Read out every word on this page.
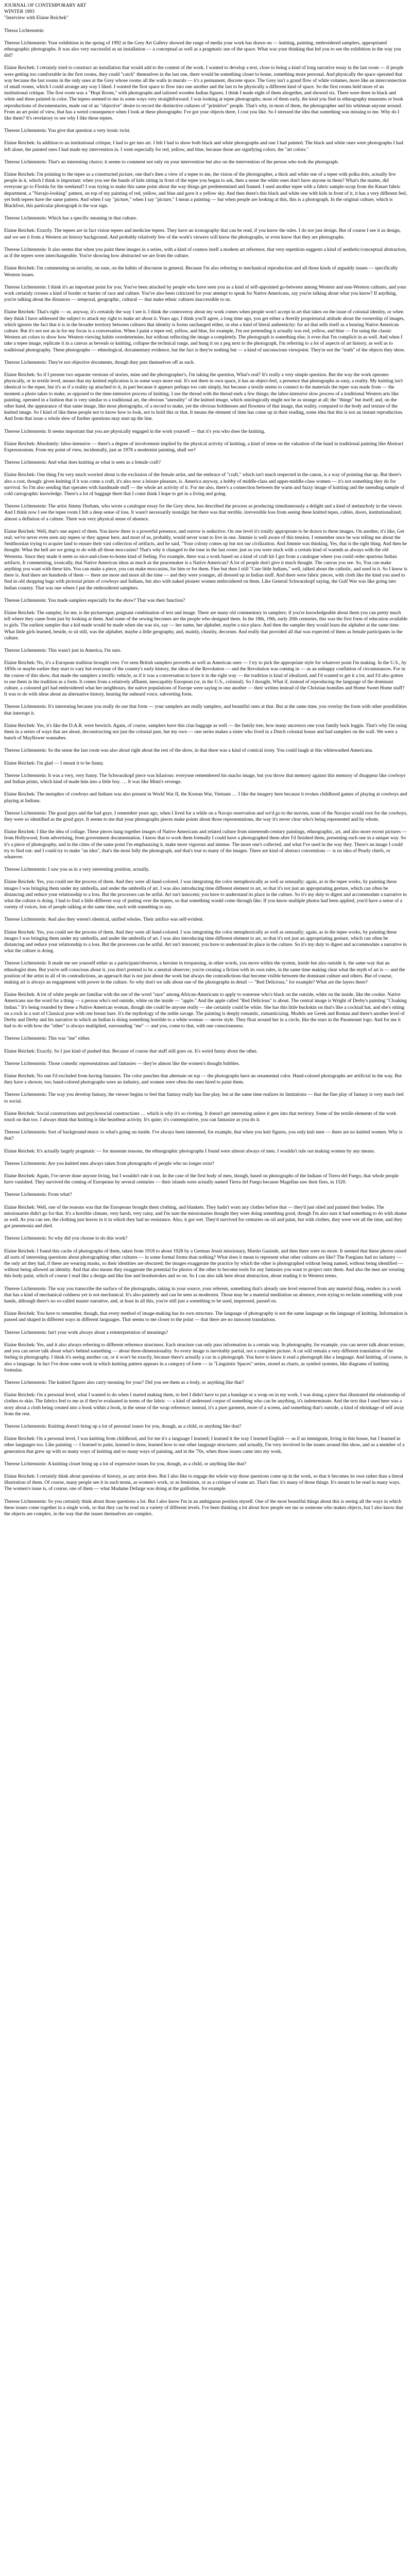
JOURNAL OF CONTEMPORARY ART
WINTER 1993
"Interview with Elaine Reichek"
Thessa Lichtenstein

Therese Lichtenstein: Your exhibition in the spring of 1992 at the Grey Art Gallery showed the range of media your work has drawn on — knitting, painting, embroidered samplers, appropriated ethnographic photographs. It was also very successful as an installation — a conceptual as well as a pragmatic use of the space. What was your thinking that led you to see the exhibition in the way you did?

Elaine Reichek: I certainly tried to construct an installation that would add to the content of the work. I wanted to develop a text, close to being a kind of long narrative essay in the last room — if people were getting too comfortable in the first rooms, they could "catch" themselves in the last one, there would be something closer to home, something more personal. And physically the space operated that way because the last rooms in the only ones at the Grey whose rooms all the walls in murals — it's a permanent, discrete space. The Grey isn't a grand flow of white volumes, more like an interconnection of small rooms, which I could arrange any way I liked. I wanted the first space to flow into one another and the last to be physically a different kind of space. So the first rooms held more of an institutional critique. The first room was a "Hopi Room," with photographs and tailored wooden Indian figures. I think I made eight of them altogether, and showed six. There were three in black and white and three painted in color. The tepees seemed to me in some ways very straightforward. I was looking at tepee photographs; most of them early, the kind you find in ethnography museums or book reproductions of documentaries, made out of an "objective" desire to record the distinctive cultures of "primitive" people. That's why, in most of them, the photographer and his whitman anyone around. From an art point of view, that has a weird consequence when I look at these photographs: I've got your objects there, I cost you like. So I stressed the idea that something was missing to me. Why do I like them? It's revelatory to see why I like these tepees.

Therese Lichtenstein: You give that question a very ironic twist.

Elaine Reichek: In addition to an institutional critique, I had to get into art. I felt I had to show both black and white photographs and one I had painted. The black and white ones were photographs I had left alone, the painted ones I had made my intervention in. I went especially for red, yellow, and blue, because those are signifying colors, the "art colors."

Therese Lichtenstein: That's an interesting choice; it seems to comment not only on your intervention but also on the intervention of the person who took the photograph.

Elaine Reichek: I'm pointing to the tepee as a constructed picture, one that's then a view of a tepee to me, the vision of the photographer, a thick and white one of a tepee with polka dots, actually few people in it, which I think is important: when you see the hands of kids sitting in front of the tepee you began to ask, then a sense the white ones don't have anyone in them? What's the matter, did everyone go to Florida for the weekend? I was trying to make this same point about the way things get predetermined and framed. I used another tepee with a fabric sample-scrap from the Kmart fabric department, a "Navajo-looking" pattern, on top of my painting of red, yellow, and blue and gave it a yellow sky. And then there's this black and white one with kids in front of it, it has a very different feel, yet both tepees have the same pattern. And when I say "picture," when I say "picture," I mean a painting — but when people are looking at this, this is a photograph. In the original culture, which is Blackfoot, this particular photograph is the war sign.

Therese Lichtenstein: Which has a specific meaning in that culture.

Elaine Reichek: Exactly. The tepees are in fact vision tepees and medicine tepees. They have an iconography that can be read, if you know the rules. I do not just design. But of course I see it as design, and we see it from a Western art history background. And probably relatively few of the work's viewers will know the photographs, or even know that they are photographs.

Therese Lichtenstein: It also seems that when you paint these images in a series, with a kind of cosmos itself a modern art reference, that very repetition suggests a kind of aesthetic/conceptual abstraction, as if the tepees were interchangeable. You're showing how abstracted we are from the culture.

Elaine Reichek: I'm commenting on seriality, on ease, on the habits of discourse in general. Because I'm also referring to mechanical reproduction and all those kinds of arguably issues — specifically Western issues.

Therese Lichtenstein: I think it's an important point for you. You've been attacked by people who have seen you as a kind of self-appointed go-between among Western and non-Western cultures, and your work certainly crosses a kind of border or barrier of race and culture. You've also been criticized for your attempt to speak for Native Americans, say you're talking about what you know? If anything, you're talking about the distances — temporal, geographic, cultural — that make ethnic cultures inaccessible to us.

Elaine Reichek: That's right — or, anyway, it's certainly the way I see it. I think the controversy about my work comes when people won't accept in art that takes on the issue of colonial identity, or when they think I have addressed the subject to attack my right to make art about it. Years ago, I think you'll agree, a long time ago, you get either a Averily proprietarial attitude about the ownership of images, which ignores the fact that it is in the broader territory between cultures that identity is forms unchanged either, or else a kind of literal authenticity: for art that sells itself as a bearing Native American culture. But it's not not an in for my focus is a conversation. When I paint a tepee red, yellow, and blue, for example, I'm not pretending it actually was red, yellow, and blue — I'm using the classic Western art colors to show how Western viewing habits overdetermine, but without reflecting the image a completely. The photograph is something else, it even that I'm complicit in as well. And when I take a tepee image, replicate it in a canvas as beveals or knitting, collapse the technical range, and hung it on a peg next to the photograph, I'm referring to a lot of aspects of art history, as well as to traditional photography. These photographs — ethnological, documentary evidence, but the fact is they're nothing but — a kind of unconscious viewpoint. They're not the "truth" of the objects they show.

Therese Lichtenstein: They're not objective documents, though they puts themselves off as such.

Elaine Reichek: So if I present two separate versions of stories, mine and the photographer's, I'm taking the question, What's real? It's really a very simple question. But the way the work operates physically, or in textile level, means that my knitted replication is in some ways more real. It's not there in own space, it has an object-feel, a presence that photographs as easy, a reality. My knitting isn't identical to the tepee, but it's as if a reality up attached to it, in part because it appears perhaps too cute simply, but because a textile seems to connect to the materials the tepee was made from — the moment a photo takes to make, as opposed to the time-intensive process of knitting. I use the thread with the thread ends a few things; the labor-intensive slow process of a traditional Western arts like painting, operated in a fashion that is very similar to a traditional art, the obvious "unreality" of the knitted image, which ontologically might not be as strange at all; the "things" but itself; and, on the other hand, the appearance of that same image, like most photographs, of a record to make, yet the obvious boldnesses and flowness of that image, that reality, compared to the body and texture of the knitted image. So I kind of like these people not to know how to look, not to hold this or that. It means the element of time has come up in their reading, some idea that this is not an instant reproduction. And from that issue a whole slew of further questions may start up the line.

Therese Lichtenstein: It seems important that you are physically engaged in the work yourself — that it's you who does the knitting.

Elaine Reichek: Absolutely: labor-intensive — there's a degree of involvement implied by the physical activity of knitting, a kind of tense on the valuation of the hand in traditional painting like Abstract Expressionism. From my point of view, incidentally, just as 1978 a modernist painting, shall we?

Therese Lichtenstein: And what does knitting as what is seen as a female craft?

Elaine Reichek: One thing I'm very much worried about is the exclusion of the female artist, and the embrace of "craft," which isn't much respected in the canon, is a way of pointing that up. But there's also a cost, though: given knitting if it was come a craft, it's also now a leisure pleasure, is. America anyway, a hobby of middle-class and upper-middle-class women — it's not something they do for survival. So I'm also sending that operates with handmade stuff — the whole art activity of it. For me also, there's a connection between the warm and fuzzy image of knitting and the unending sample of cold cartographic knowledge. There's a lot of baggage there that I come think I hope to get in a living and going.

Therese Lichtenstein: The artist Jimmy Durham, who wrote a catalogue essay for the Grey show, has described the process as producing simultaneously a delight and a kind of melancholy in the viewer. And I think now I see the tepee room I felt a deep sense of loss. It wasn't necessarily nostalgic but there was that terrible, irreversible loss from seeing these knitted tepes, cables, doors, institutionalized, almost a deflation of a culture. There was very physical sense of absence.

Elaine Reichek: Well, that's one aspect of them. You know there is a powerful presence, and sorrow is seductive. On one level it's totally appropriate to be drawn to these images. On another, it's like, Get real; we've never even seen any tepees or they appear here, and most of us, probably, would never want to live in one. Jimmie is well aware of this tension. I remember once he was telling me about the Smithsonian trying to acquire land to ensure their vast collection of artifacts, and he said, "Your colony comes up but not our civilization. And Jimmie was thinking, Yes, that is the right thing. And then he thought: What the hell are we going to do with all those moccasins? That's why it changed to the tone in the last room: just so you were stuck with a certain kind of warmth as always with the old Westerns. Since they made it seem so nice-and-close-to-home kind of feeling. For example, there was a work based on a kind of craft kit I got from a catalogue where you could order spurious Indian artifacts. It commenting, ironically, that Native American ideas as much as the peacemaker is a Native American? A lot of people don't give it much thought. The canvas you see. So, You can make anything you want with these kits. You can make a piece, you can make moccasins, for him or for them. Fine but then I still "Cute little Indians," well, talked about the catholic, and used in it. So I know is there is. And there are hundreds of them — there are more and more all the time — and they were younger, all dressed up in Indian stuff. And there were fabric pieces, with cloth like the kind you used to find in old shopping bags with pictorial prints of cowboys and Indians, but also with naked pioneer women embroidered on them. Like General Schwarzkopf saying, the Gulf War was like going into Indian country. That was one where I put the embroidered samplers.

Therese Lichtenstein: You made samplers especially for the show? That was their function?

Elaine Reichek: The sampler, for me, is the picturesque, poignant combination of text and image. There are many old commentary in samplers; if you're knowledgeable about them you can pretty much tell where they came from just by looking at them. And some of the sewing becomes are the people who designed them. In the 18th, 19th, early 20th centuries, this was the first form of education available to girls. The earliest sampler that a kid made would be made when she was six, say — her name, her alphabet, maybe a nice place. And then the sampler they would learn the alphabet at the same time. What little girls learned, beside, to sit still, was the alphabet, maybe a little geography, and, mainly, chastity, decorum. And really that provided all that was expected of them as female participants in the culture.

Therese Lichtenstein: This wasn't just in America, I'm sure.

Elaine Reichek: No, it's a European tradition brought over. I've seen British samplers proverbs as well as American ones — I try to pick the appropriate style for whatever point I'm making. In the U.S., by 1850s or maybe earlier they start to vary but everyone of the country's early history, the ideas of the Revolution — and the Revolution was coming in — as an unhappy conflation of circumstances. For in the course of this show, that made the samplers a terrific vehicle, as if it was a conversation to have it in the right way — the tradition is kind of idealized, and I'd wanted to get it a lot, and I'd also gotten to use them in the tradition as a form. It comes from a relatively affluent, inescapably European (or, in the U.S., colonial). So I thought, What if, instead of reproducing the language of the dominant culture, a coloured girl had embroidered what her neighbours, the native populations of Europe were saying to one another — their written instead of the Christian homilies and Home Sweet Home stuff? It was to do with ideas about an alternative history, hearing the unheard voice, subverting form.

Therese Lichtenstein: It's interesting because you really do use that form — your samplers are really samplers, and beautiful ones at that. But at the same time, you overlay the form with other possibilities that interrupt it.

Elaine Reichek: Yes, it's like the D.A.R. were bewitch. Again, of course, samplers have this clan baggage as well — the family tree, how many ancestors one your family back loggin. That's why I'm using them in a series of ways that are about, deconstructing not just the colonial past, but my own — one series makes a sister who lived in a Dutch colonial house and had samplers on the wall. We were a bunch of Mayflower wannabes.

Therese Lichtenstein: So the sense the last room was also about right about the rest of the show, in that there was a kind of comical irony. You could laugh at this whitewashed Americana.

Elaine Reichek: I'm glad — I meant it to be funny.

Therese Lichtenstein: It was a very, very funny. The Schwarzkopf piece was hilarious: everyone remembered his macho image, but you throw that memory against this memory of disappear like cowboys and Indian prints, which kind of made him into a little boy. … It was like Mimi's revenge.

Elaine Reichek: The metaphor of cowboys and Indians was also present in World War II, the Korean War, Vietnam … I like the imagery here because it evokes childhood games of playing at cowboys and playing at Indians.

Therese Lichtenstein: The good guys and the bad guys. I remember years ago, when I lived for a while on a Navajo reservation and we'd go to the movies, none of the Navajos would root for the cowboys, they were so identified as the good guys. It seems to me that your photographs pieces make points about those representations, the way it's never clear who's being represented and by whom.

Elaine Reichek: I like the idea of collage. These pieces hang together images of Native Americans and related culture from nineteenth-century paintings, ethnographic, art, and also more recent pictures — from Hollywood, from advertising, from government documentation. I know that to work them formally I could have a photographed them after I'd finished them, presenting each one in a unique way. So it's a piece of photography, and in the cities of the same point I'm emphasizing it, make more vigorous and intense. The more one's collected, and what I've used in the way they. There's an image I could try to find out: and I could try to make "an idea", that's the most fully the photograph, and that's true to many of the images. There are kind of abstract conventions — is no idea of Pearly chiefs, or whatever.

Therese Lichtenstein: I saw you as in a very interesting position, actually.

Elaine Reichek: Yes, you could see the process of them. And they were all hand-colored. I was integrating the color metaphorically as well as sensually; again, as in the tepee works, by painting these images I was bringing them under my umbrella, and under the umbrella of art. I was also introducing time different element to art, so that it's not just an appropriating gesture, which can often be distancing and reduce your relationship to a loss. But the processes can be artful. Art isn't innocent; you have to understand its place in the culture. So it's my duty to digest and accommodate a narrative in what the culture is doing. I had to find a little different way of putting over the tepees, so that something would come through like: If you know multiple photos had been applied, you'd have a sense of a variety of voices, lots of people talking at the same time, each with something to say.

Therese Lichtenstein: And also they weren't identical, unified wholes. Their artifice was self-evident.

Elaine Reichek: Yes, you could see the process of them. And they were all hand-colored. I was integrating the color metaphorically as well as sensually; again, as in the tepee works, by painting these images I was bringing them under my umbrella, and under the umbrella of art. I was also introducing time different element to art, so that it's not just an appropriating gesture, which can often be distancing and reduce your relationship to a loss. But the processes can be artful. Art isn't innocent; you have to understand its place in the culture. So it's my duty to digest and accommodate a narrative in what the culture is doing.

Therese Lichtenstein: It made me see yourself either as a participant/observer, a heroine in trespassing, in other words, you move within the system, inside but also outside it, the same way that an ethnologist does. But you're self-conscious about it, you don't pretend to be a neutral observer; you're creating a fiction with its own rules, in the same time making clear what the myth of art is — and the position of the artist in all of its contradictions, an approach that is not just about the work but always the contradictions that become visible between the dominant culture and others. But of course, making art is always an engagement with power in the culture. So why don't we talk about one of the photographs in detail — "Red Delicious," for example? What are the layers there?

Elaine Reichek: A lot of white people are familiar with the use of the word "race" among African-Americans to apply to someone who's black on the outside, white on the inside, like the cookie. Native Americans use the word for a thing — a person who's red outside, white on the inside — "apple." And the apple called "Red Delicious" is about. The central image is Wright of Derby's painting "Cloaking Indian." It's being rounded by these a Native American woman, though she could be anyone really — she certainly could be white. She has this little buckskin on that's like a cocktail hat, and she's sitting on a rock in a sort of Classical pose with one breast bare. It's the mythology of the noble savage. The painting is deeply romantic, romanticizing. Models are Greek and Roman and there's another level of Derby and Derby and his narrative in which an Indian is doing something horrible to a white woman — movie style. They float around her in a circle, like the stars in the Paramount logo. And for me it had to do with how the "other" is always multiplied, surrounding "me" — and you, come to that, with one consciousness.

Therese Lichtenstein: This was "me" either.

Elaine Reichek: Exactly. So I just kind of pushed that. Because of course that stuff still goes on. It's weird funny about the other.

Therese Lichtenstein: Those comedic representations and fantasies — they're almost like the women's thought bubbles.

Elaine Reichek: No one I'd excluded from having fantasies. The color punches that alternate on top — the photographs have an ornamental color. Hand-colored photographs are artificial in the way. But they have a shower, too; hand-colored photographs were an industry, and women were often the ones hired to paint them.

Therese Lichtenstein: The way you develop fantasy, the viewer begins to feel that fantasy really has fine play, but at the same time realizes its limitations — that the fine play of fantasy is very much tied to social.

Elaine Reichek: Social constructions and psychosocial constructions … which is why it's so riveting. It doesn't get interesting unless it gets into that territory. Some of the textile elements of the work touch on that too. I always think that knitting is like heartbeat activity. It's quite; it's contemplative, you can fantasize as you do it.

Therese Lichtenstein: Sort of background music to what's going on inside. I've always been interested, for example, that when you knit figures, you only knit men — there are no knitted women. Why is that?

Elaine Reichek: It's actually largely pragmatic — for museum reasons, the ethnographic photographs I found were almost always of men. I wouldn't rule out making women by any means.

Therese Lichtenstein: Are you knitted men always taken from photographs of people who no longer exist?

Elaine Reichek: Again, I've never done anyone living, but I wouldn't rule it out. In the case of the first body of men, though, based on photographs of the Indians of Tierra del Fuego, that whole people have vanished. They survived the coming of Europeans by several centuries — their islands were actually named Tierra del Fuego because Magellan saw their fires, in 1520.

Therese Lichtenstein: From what?

Elaine Reichek: Well, one of the reasons was that the Europeans brought them clothing, and blankets. They hadn't worn any clothes before that — they'd just oiled and painted their bodies. The missionaries didn't go for that. It's a horrible climate, very harsh, very rainy, and I'm sure the missionaries thought they were doing something good, though I'm also sure it had something to do with shame as well. As you can see, the clothing just leaves in it in which they had no resistance. Also, it got wet. They'd survived for centuries on oil and paint, but with clothes, they were wet all the time, and they got pneumonia and died.

Therese Lichtenstein: So why did you choose to do this work?

Elaine Reichek: I found this cache of photographs of them, taken from 1918 to about 1928 by a German Jesuit missionary, Martin Gusinde, and then there were no more. It seemed that these photos raised all sorts of interesting questions about photographing other cultures — in some formal forms than nothing? What does it mean to represent what other cultures are like? The Fuegians had no industry — the only art they had, if these are wearing masks, so their identities are obscured; the images exaggerate the practice by which the other is photographed without being named, without being identified — without being allowed an identity. And that also means they exaggerate the potential for photos of the other to become tools for any fantasies you want to project onto them. And also the men are wearing this body paint, which of course I read like a design and like line and brushstrokes and so on. So I can also talk here about abstraction, about reading it in Western terms.

Therese Lichtenstein: The way you transcribe the surface of the photographs, taking in your source, your referent, something that's already one level removed from any material thing, renders in a work that has a kind of mechanical coldness yet is not mechanical. It's also painterly and can be seen as modernist. Those may be a material meditation on absence, even trying to reclaim something with your hands, although there's no so-called master narrative, and, at least in all this, you're still just a something to be used, impressed, passed on.

Elaine Reichek: You have to remember, though, that every method of image-making has its own structure. The language of photography is not the same language as the language of knitting. Information is passed and shaped in different ways in different languages. That seems to me closer to the point — that there are no innocent translations.

Therese Lichtenstein: Isn't your work always about a reinterpretation of meanings?

Elaine Reichek: Yes, and it also always referring to different reference structures. Each structure can only pass information in a certain way. In photography, for example, you can never talk about texture, and you can never talk about what's behind something — about three-dimensionality. So every image is inevitably partial, not a complete picture. A cat will remain a very different translation of the feeling in photography. I think it's seeing another cat, or it won't be exactly, because there's actually a car in a photograph. You have to know it read a photograph like a language. And knitting, of course, is also a language. In fact I've done some work in which knitting pattern appears in a category of form — in "Linguistic Spaces" series, stored as charts, as symbol systems, like diagrams of knitting formulas.

Therese Lichtenstein: The knitted figures also carry meaning for your? Did you see them as a body, or anything like that?

Elaine Reichek: On a personal level, what I wanted to do when I started making them, to feel I didn't have to put a bandage or a wrap on in my work. I was doing a piece that illustrated the relationship of clothes to skin. The fabrics feel to me as if they're evaluated in terms of the fabric — a kind of undressed corpse of something who can be anything, it's indeterminate. And the text that I used here was a story about a cloth being created into a book within a book, in the sense of the wrap reference; instead, it's a pure garment, more of a screen, and something that's outside, a kind of shrinkage of self away from the rest.

Therese Lichtenstein: Knitting doesn't bring up a lot of personal issues for you, though, as a child, or anything like that?

Elaine Reichek: On a personal level, I was knitting from childhood, and for me it's a language I learned; I learned it the way I learned English — as if an immigrant, living in this house, but I learned in other languages too. Like painting — I learned to paint, learned to draw, learned how to use other language structures; and actually, I'm very involved in the issues around this show, and as a member of a generation that grew up with so many ways of knitting and so many ways of painting, and in the '70s, when those issues came into my work.

Therese Lichtenstein: A knitting closet bring up a lot of expressive issues for you, though, as a child, or anything like that?

Elaine Reichek: I certainly think about questions of history, as any artist does. But I also like to engage the whole way those questions come up in the work, so that it becomes its own rather than a literal illustration of them. Of course, many people see it in such terms, as women's work, or as feminism, or as a critique of some art. That's fine; it's many of those things. It's meant to be read in many ways. The women's issue is, of course, one of them — what Madame Defarge was doing at the guillotine, for example.

Therese Lichtenstein: So you certainly think about those questions a lot. But I also know I'm in an ambiguous position myself. One of the most beautiful things about this is seeing all the ways in which these issues come together in a single work, so that they can be read on a variety of different levels. I've been thinking a lot about how people see me as someone who makes objects, but I also know that the objects are complex, in the way that the issues themselves are complex.
